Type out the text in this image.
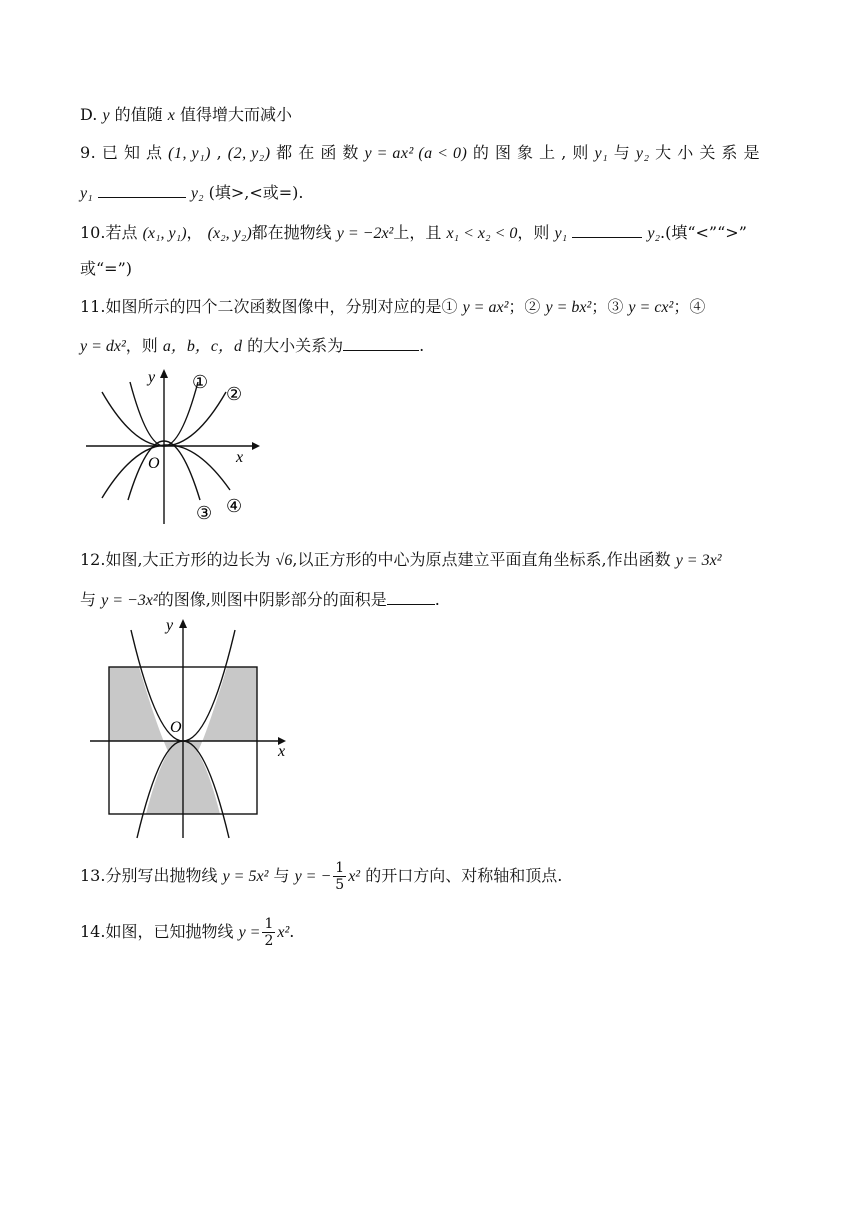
D. y 的值随 x 值得增大而减小
9. 已 知 点 (1, y₁) , (2, y₂) 都 在 函 数 y = ax² (a < 0) 的 图 象 上 , 则 y₁ 与 y₂ 大 小 关 系 是
y₁	y₂ (填>,<或=).
10.若点 (x₁, y₁)， (x₂, y₂)都在抛物线 y = −2x²上，且 x₁ < x₂ < 0，则 y₁	y₂.(填“<”“>”
或“=”)
11.如图所示的四个二次函数图像中，分别对应的是① y = ax²；② y = bx²；③ y = cx²；④
y = dx²，则 a，b，c，d 的大小关系为	.
y
x
O
①
②
③ ④
12.如图,大正方形的边长为 √6,以正方形的中心为原点建立平面直角坐标系,作出函数 y = 3x²
与 y = −3x²的图像,则图中阴影部分的面积是	.
y
x
O
13.分别写出抛物线 y = 5x² 与 y = − $\frac{1}{5} x^2$ 的开口方向、对称轴和顶点.
14.如图，已知抛物线 $y = \frac{1}{2} x^2$.
